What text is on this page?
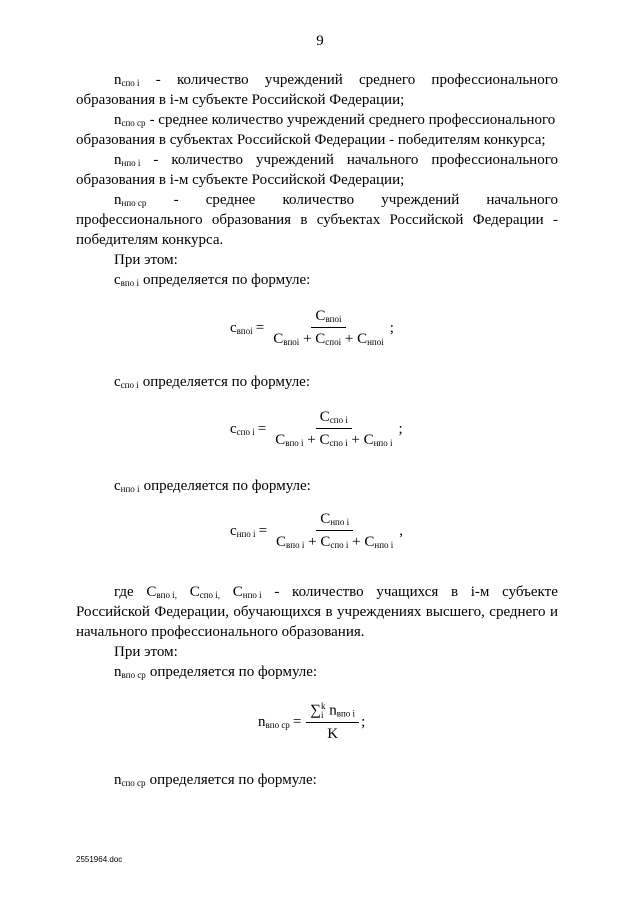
9
$n_{спо i}$ - количество учреждений среднего профессионального
образования в i-м субъекте Российской Федерации;
$n_{спо ср}$ - среднее количество учреждений среднего профессионального
образования в субъектах Российской Федерации - победителям конкурса;
$n_{нпо i}$ - количество учреждений начального профессионального
образования в i-м субъекте Российской Федерации;
$n_{нпо ср}$ - среднее количество учреждений начального
профессионального образования в субъектах Российской Федерации -
победителям конкурса.
При этом:
$c_{впо i}$ определяется по формуле:
$c_{впоi} = \frac{C_{впоi}}{C_{впоi} + C_{споi} + C_{нпоi}}$ ;
$c_{спо i}$ определяется по формуле:
$c_{спо i} = \frac{C_{спо i}}{C_{впо i} + C_{спо i} + C_{нпо i}}$ ;
$c_{нпо i}$ определяется по формуле:
$c_{нпо i} = \frac{C_{нпо i}}{C_{впо i} + C_{спо i} + C_{нпо i}}$ ,
где $C_{впо i,}$ $C_{спо i,}$ $C_{нпо i}$ - количество учащихся в i-м субъекте
Российской Федерации, обучающихся в учреждениях высшего, среднего и
начального профессионального образования.
При этом:
$n_{впо ср}$ определяется по формуле:
$n_{впо ср}$ = ∑ k
i $n_{впо i}$
K ;
$n_{спо ср}$ определяется по формуле:
2551964.doc
